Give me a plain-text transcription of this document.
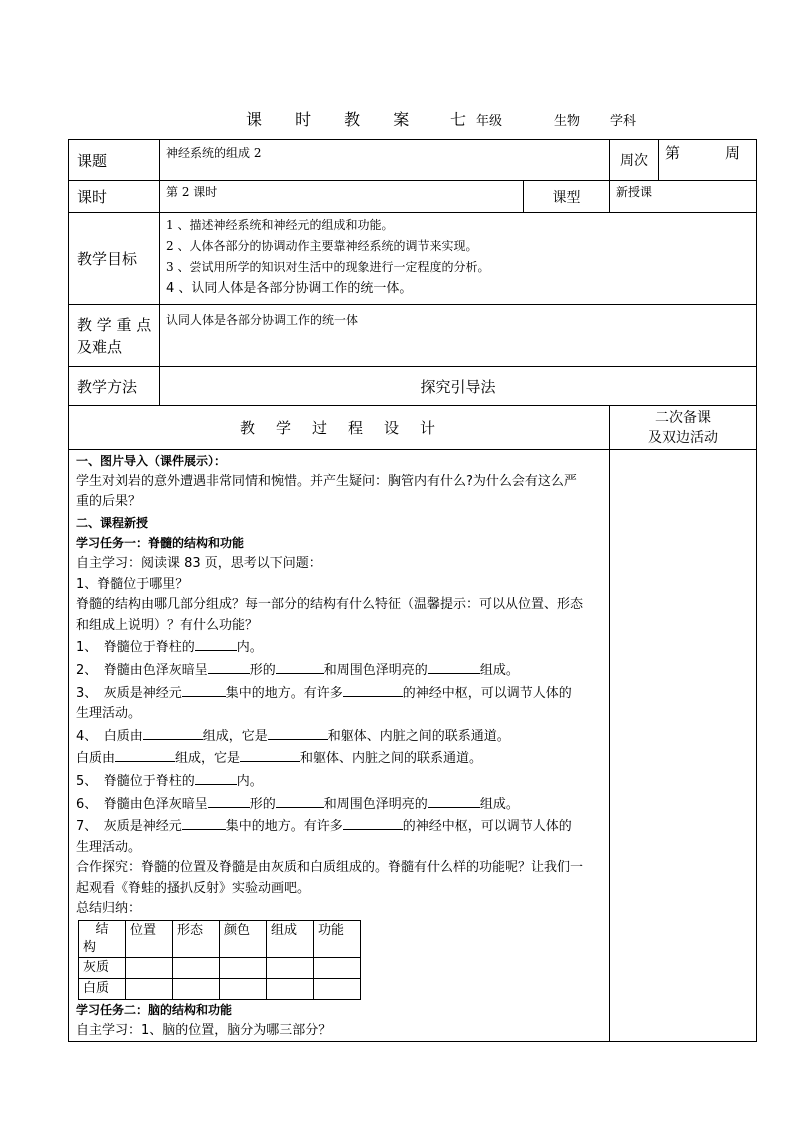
课 时 教 案 七 年级	生物 学科
课题	神经系统的组成 2	周次	第　　　周
课时	第 2 课时	课型	新授课
教学目标	
1 、描述神经系统和神经元的组成和功能。
2 、人体各部分的协调动作主要靠神经系统的调节来实现。
3 、尝试用所学的知识对生活中的现象进行一定程度的分析。
4 、认同人体是各部分协调工作的统一体。

教 学 重 点
及难点
	认同人体是各部分协调工作的统一体
教学方法	探究引导法
教　学　过　程　设　计	
二次备课
及双边活动

一、图片导入（课件展示）：
学生对刘岩的意外遭遇非常同情和惋惜。并产生疑问：胸管内有什么?为什么会有这么严
重的后果？
二、课程新授
学习任务一：脊髓的结构和功能
自主学习：阅读课 83 页，思考以下问题：
1、脊髓位于哪里？
脊髓的结构由哪几部分组成？每一部分的结构有什么特征（温馨提示：可以从位置、形态
和组成上说明）？有什么功能？
1、　脊髓位于脊柱的	内。
2、　脊髓由色泽灰暗呈	形的	和周围色泽明亮的	组成。
3、　灰质是神经元	集中的地方。有许多	的神经中枢，可以调节人体的
生理活动。
4、　白质由	组成，它是	和躯体、内脏之间的联系通道。
白质由	组成，它是	和躯体、内脏之间的联系通道。
5、　脊髓位于脊柱的	内。
6、　脊髓由色泽灰暗呈	形的	和周围色泽明亮的	组成。
7、　灰质是神经元	集中的地方。有许多	的神经中枢，可以调节人体的
生理活动。
合作探究：脊髓的位置及脊髓是由灰质和白质组成的。脊髓有什么样的功能呢？让我们一
起观看《脊蛙的搔扒反射》实验动画吧。
总结归纳：
结
构
	位置	形态	颜色	组成	功能
灰质					
白质					
学习任务二：脑的结构和功能
自主学习：1、脑的位置，脑分为哪三部分？
